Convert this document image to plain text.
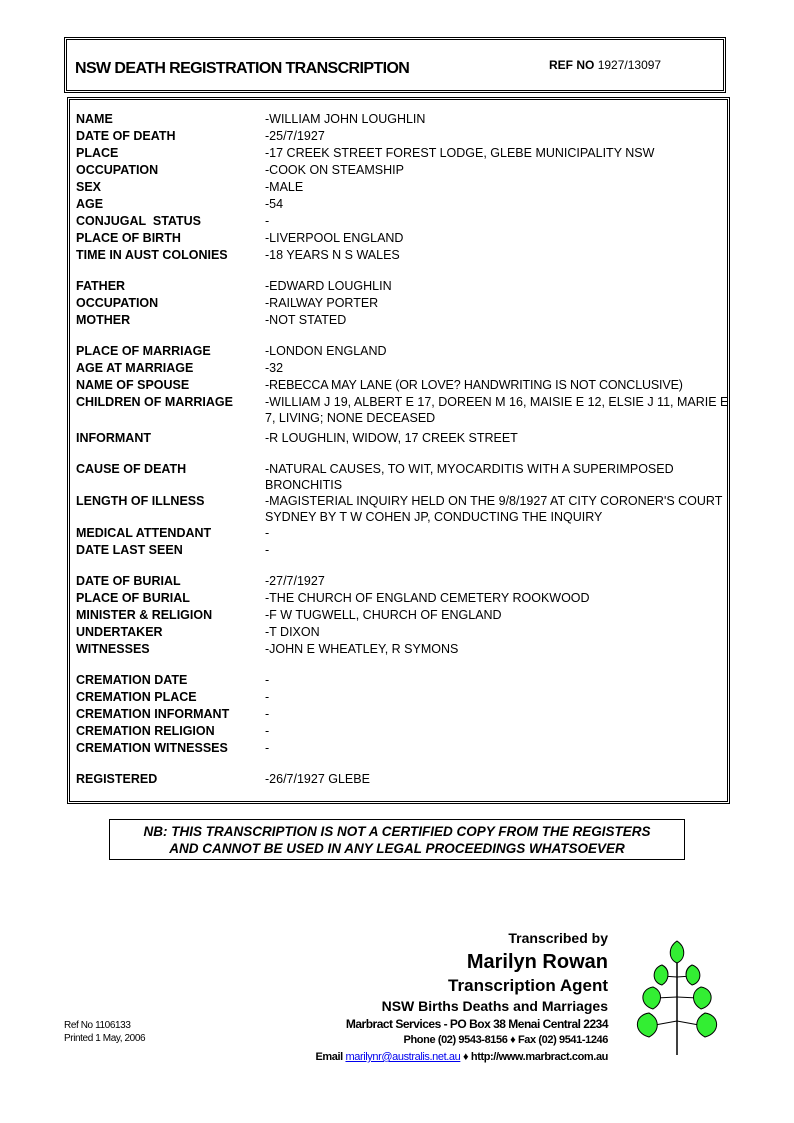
NSW DEATH REGISTRATION TRANSCRIPTION	REF NO 1927/13097
NAME	-WILLIAM JOHN LOUGHLIN
DATE OF DEATH	-25/7/1927
PLACE	-17 CREEK STREET FOREST LODGE, GLEBE MUNICIPALITY NSW
OCCUPATION	-COOK ON STEAMSHIP
SEX	-MALE
AGE	-54
CONJUGAL  STATUS	-
PLACE OF BIRTH	-LIVERPOOL ENGLAND
TIME IN AUST COLONIES	-18 YEARS N S WALES
FATHER	-EDWARD LOUGHLIN
OCCUPATION	-RAILWAY PORTER
MOTHER	-NOT STATED
PLACE OF MARRIAGE	-LONDON ENGLAND
AGE AT MARRIAGE	-32
NAME OF SPOUSE	-REBECCA MAY LANE (OR LOVE? HANDWRITING IS NOT CONCLUSIVE)
CHILDREN OF MARRIAGE	-WILLIAM J 19, ALBERT E 17, DOREEN M 16, MAISIE E 12, ELSIE J 11, MARIE E 7, LIVING; NONE DECEASED
INFORMANT	-R LOUGHLIN, WIDOW, 17 CREEK STREET
CAUSE OF DEATH	-NATURAL CAUSES, TO WIT, MYOCARDITIS WITH A SUPERIMPOSED BRONCHITIS
LENGTH OF ILLNESS	-MAGISTERIAL INQUIRY HELD ON THE 9/8/1927 AT CITY CORONER'S COURT SYDNEY BY T W COHEN JP, CONDUCTING THE INQUIRY
MEDICAL ATTENDANT	-
DATE LAST SEEN	-
DATE OF BURIAL	-27/7/1927
PLACE OF BURIAL	-THE CHURCH OF ENGLAND CEMETERY ROOKWOOD
MINISTER & RELIGION	-F W TUGWELL, CHURCH OF ENGLAND
UNDERTAKER	-T DIXON
WITNESSES	-JOHN E WHEATLEY, R SYMONS
CREMATION DATE	-
CREMATION PLACE	-
CREMATION INFORMANT	-
CREMATION RELIGION	-
CREMATION WITNESSES	-
REGISTERED	-26/7/1927 GLEBE
NB: THIS TRANSCRIPTION IS NOT A CERTIFIED COPY FROM THE REGISTERS
AND CANNOT BE USED IN ANY LEGAL PROCEEDINGS WHATSOEVER
Transcribed by
Marilyn Rowan
Transcription Agent
NSW Births Deaths and Marriages
Marbract Services - PO Box 38 Menai Central 2234
Phone (02) 9543-8156 ♦ Fax (02) 9541-1246
Email marilynr@australis.net.au ♦ http://www.marbract.com.au
Ref No 1106133
Printed 1 May, 2006
